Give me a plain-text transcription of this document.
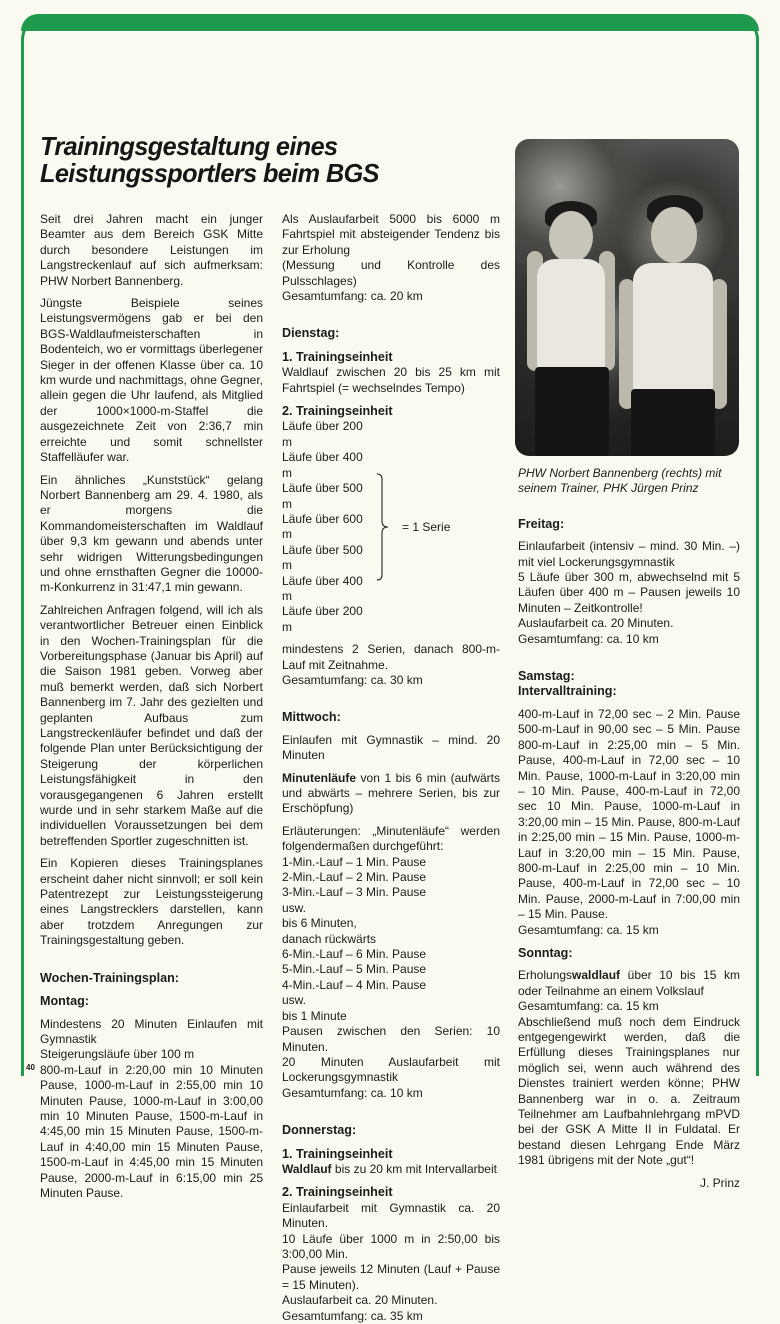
Trainingsgestaltung eines Leistungssportlers beim BGS
Seit drei Jahren macht ein junger Beamter aus dem Bereich GSK Mitte durch besondere Leistungen im Langstreckenlauf auf sich aufmerksam: PHW Norbert Bannenberg.
Jüngste Beispiele seines Leistungsvermögens gab er bei den BGS-Waldlaufmeisterschaften in Bodenteich, wo er vormittags überlegener Sieger in der offenen Klasse über ca. 10 km wurde und nachmittags, ohne Gegner, allein gegen die Uhr laufend, als Mitglied der 1000×1000-m-Staffel die ausgezeichnete Zeit von 2:36,7 min erreichte und somit schnellster Staffelläufer war.
Ein ähnliches „Kunststück“ gelang Norbert Bannenberg am 29. 4. 1980, als er morgens die Kommandomeisterschaften im Waldlauf über 9,3 km gewann und abends unter sehr widrigen Witterungsbedingungen und ohne ernsthaften Gegner die 10000-m-Konkurrenz in 31:47,1 min gewann.
Zahlreichen Anfragen folgend, will ich als verantwortlicher Betreuer einen Einblick in den Wochen-Trainingsplan für die Vorbereitungsphase (Januar bis April) auf die Saison 1981 geben. Vorweg aber muß bemerkt werden, daß sich Norbert Bannenberg im 7. Jahr des gezielten und geplanten Aufbaus zum Langstreckenläufer befindet und daß der folgende Plan unter Berücksichtigung der Steigerung der körperlichen Leistungsfähigkeit in den vorausgegangenen 6 Jahren erstellt wurde und in sehr starkem Maße auf die individuellen Voraussetzungen bei dem betreffenden Sportler zugeschnitten ist.
Ein Kopieren dieses Trainingsplanes erscheint daher nicht sinnvoll; er soll kein Patentrezept zur Leistungssteigerung eines Langstrecklers darstellen, kann aber trotzdem Anregungen zur Trainingsgestaltung geben.
Wochen-Trainingsplan:
Montag:
Mindestens 20 Minuten Einlaufen mit Gymnastik
Steigerungsläufe über 100 m
800-m-Lauf in 2:20,00 min 10 Minuten Pause, 1000-m-Lauf in 2:55,00 min 10 Minuten Pause, 1000-m-Lauf in 3:00,00 min 10 Minuten Pause, 1500-m-Lauf in 4:45,00 min 15 Minuten Pause, 1500-m-Lauf in 4:40,00 min 15 Minuten Pause, 1500-m-Lauf in 4:45,00 min 15 Minuten Pause, 2000-m-Lauf in 6:15,00 min 25 Minuten Pause.
Als Auslaufarbeit 5000 bis 6000 m Fahrtspiel mit absteigender Tendenz bis zur Erholung
(Messung und Kontrolle des Pulsschlages)
Gesamtumfang: ca. 20 km
Dienstag:
1. Trainingseinheit
Waldlauf zwischen 20 bis 25 km mit Fahrtspiel (= wechselndes Tempo)
2. Trainingseinheit
Läufe über 200 m
Läufe über 400 m
Läufe über 500 m
Läufe über 600 m
Läufe über 500 m
Läufe über 400 m
Läufe über 200 m
= 1 Serie
mindestens 2 Serien, danach 800-m-Lauf mit Zeitnahme.
Gesamtumfang: ca. 30 km
Mittwoch:
Einlaufen mit Gymnastik – mind. 20 Minuten
Minutenläufe von 1 bis 6 min (aufwärts und abwärts – mehrere Serien, bis zur Erschöpfung)
Erläuterungen: „Minutenläufe“ werden folgendermaßen durchgeführt:
1-Min.-Lauf – 1 Min. Pause
2-Min.-Lauf – 2 Min. Pause
3-Min.-Lauf – 3 Min. Pause
usw.
bis 6 Minuten,
danach rückwärts
6-Min.-Lauf – 6 Min. Pause
5-Min.-Lauf – 5 Min. Pause
4-Min.-Lauf – 4 Min. Pause
usw.
bis 1 Minute
Pausen zwischen den Serien: 10 Minuten.
20 Minuten Auslaufarbeit mit Lockerungsgymnastik
Gesamtumfang: ca. 10 km
Donnerstag:
1. Trainingseinheit
Waldlauf bis zu 20 km mit Intervallarbeit
2. Trainingseinheit
Einlaufarbeit mit Gymnastik ca. 20 Minuten.
10 Läufe über 1000 m in 2:50,00 bis 3:00,00 Min.
Pause jeweils 12 Minuten (Lauf + Pause = 15 Minuten).
Auslaufarbeit ca. 20 Minuten.
Gesamtumfang: ca. 35 km
PHW Norbert Bannenberg (rechts) mit seinem Trainer, PHK Jürgen Prinz
Freitag:
Einlaufarbeit (intensiv – mind. 30 Min. –) mit viel Lockerungsgymnastik
5 Läufe über 300 m, abwechselnd mit 5 Läufen über 400 m – Pausen jeweils 10 Minuten – Zeitkontrolle!
Auslaufarbeit ca. 20 Minuten.
Gesamtumfang: ca. 10 km
Samstag:
Intervalltraining:
400-m-Lauf in 72,00 sec – 2 Min. Pause 500-m-Lauf in 90,00 sec – 5 Min. Pause 800-m-Lauf in 2:25,00 min – 5 Min. Pause, 400-m-Lauf in 72,00 sec – 10 Min. Pause, 1000-m-Lauf in 3:20,00 min – 10 Min. Pause, 400-m-Lauf in 72,00 sec 10 Min. Pause, 1000-m-Lauf in 3:20,00 min – 15 Min. Pause, 800-m-Lauf in 2:25,00 min – 15 Min. Pause, 1000-m-Lauf in 3:20,00 min – 15 Min. Pause, 800-m-Lauf in 2:25,00 min – 10 Min. Pause, 400-m-Lauf in 72,00 sec – 10 Min. Pause, 2000-m-Lauf in 7:00,00 min – 15 Min. Pause.
Gesamtumfang: ca. 15 km
Sonntag:
Erholungswaldlauf über 10 bis 15 km oder Teilnahme an einem Volkslauf
Gesamtumfang: ca. 15 km
Abschließend muß noch dem Eindruck entgegengewirkt werden, daß die Erfüllung dieses Trainingsplanes nur möglich sei, wenn auch während des Dienstes trainiert werden könne; PHW Bannenberg war in o. a. Zeitraum Teilnehmer am Laufbahnlehrgang mPVD bei der GSK A Mitte II in Fuldatal. Er bestand diesen Lehrgang Ende März 1981 übrigens mit der Note „gut“!
J. Prinz
40
